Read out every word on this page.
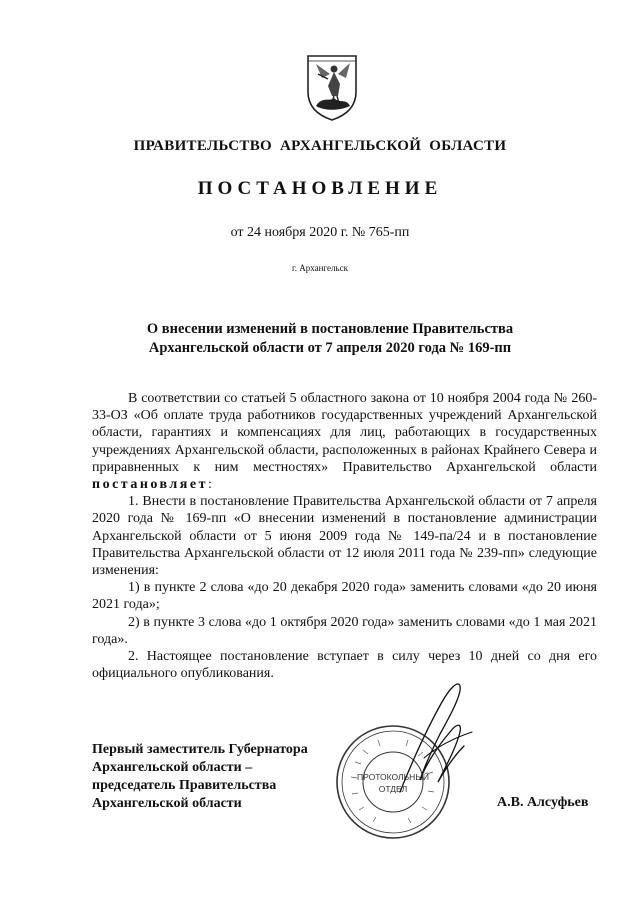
ПРАВИТЕЛЬСТВО АРХАНГЕЛЬСКОЙ ОБЛАСТИ
ПОСТАНОВЛЕНИЕ
от 24 ноября 2020 г. № 765-пп
г. Архангельск
О внесении изменений в постановление Правительства
Архангельской области от 7 апреля 2020 года № 169-пп

В соответствии со статьей 5 областного закона от 10 ноября 2004 года № 260-33-ОЗ «Об оплате труда работников государственных учреждений Архангельской области, гарантиях и компенсациях для лиц, работающих в государственных учреждениях Архангельской области, расположенных в районах Крайнего Севера и приравненных к ним местностях» Правительство Архангельской области постановляет:

1. Внести в постановление Правительства Архангельской области от 7 апреля 2020 года № 169-пп «О внесении изменений в постановление администрации Архангельской области от 5 июня 2009 года № 149-па/24 и в постановление Правительства Архангельской области от 12 июля 2011 года № 239-пп» следующие изменения:

1) в пункте 2 слова «до 20 декабря 2020 года» заменить словами «до 20 июня 2021 года»;

2) в пункте 3 слова «до 1 октября 2020 года» заменить словами «до 1 мая 2021 года».

2. Настоящее постановление вступает в силу через 10 дней со дня его официального опубликования.

ПРОТОКОЛЬНЫЙ
ОТДЕЛ
Первый заместитель Губернатора
Архангельской области –
председатель Правительства
Архангельской области	А.В. Алсуфьев
